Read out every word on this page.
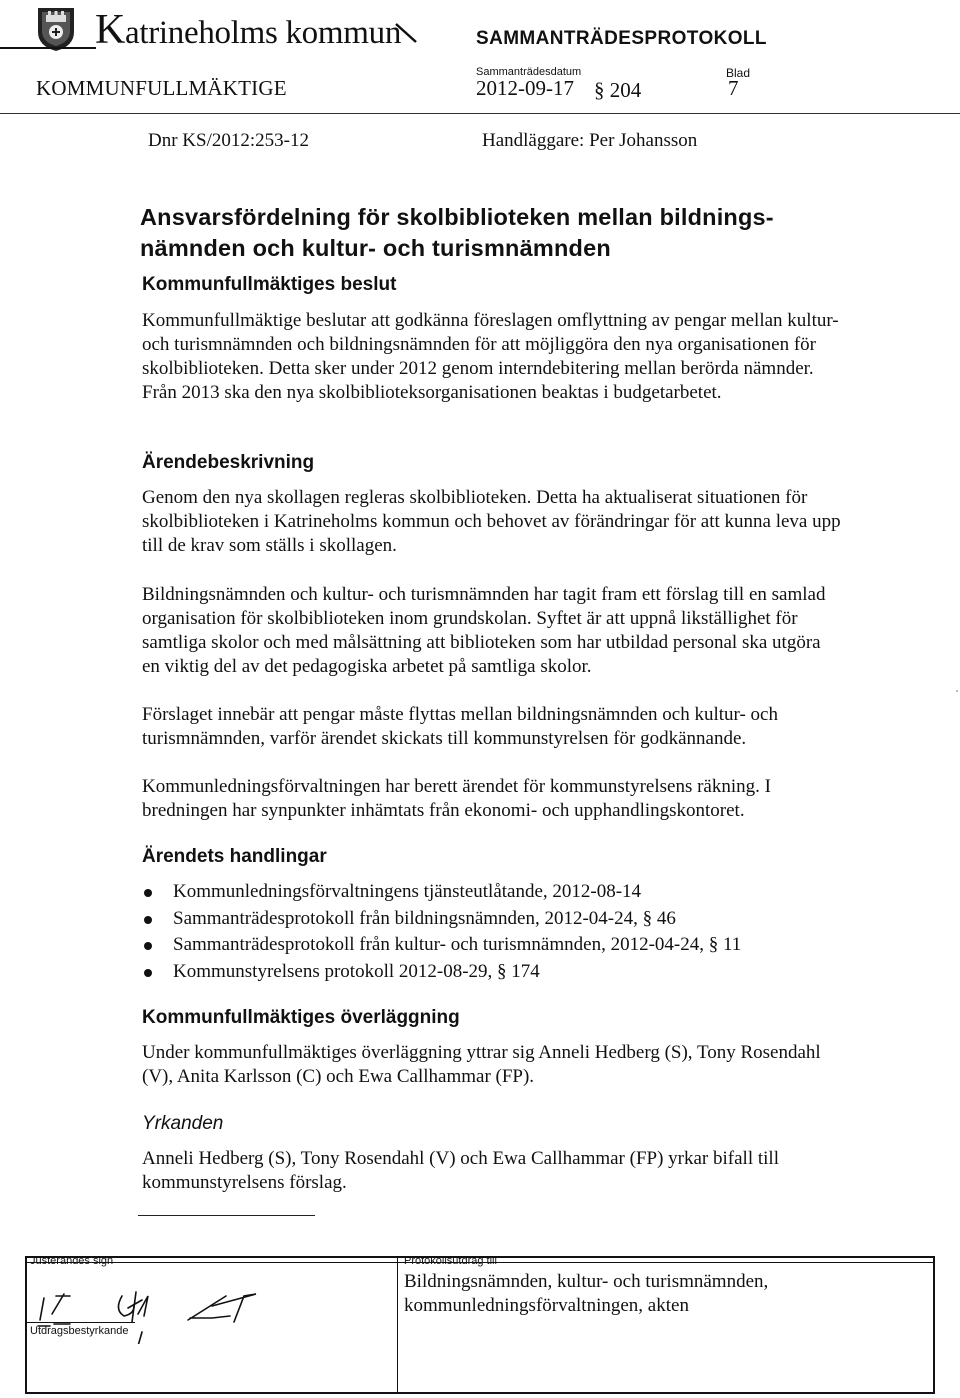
Katrineholms kommun	SAMMANTRÄDESPROTOKOLL
Sammanträdesdatum	Blad
KOMMUNFULLMÄKTIGE	2012-09-17 § 204	7
Dnr KS/2012:253-12	Handläggare: Per Johansson
Ansvarsfördelning för skolbiblioteken mellan bildnings-nämnden och kultur- och turismnämnden
Kommunfullmäktiges beslut
Kommunfullmäktige beslutar att godkänna föreslagen omflyttning av pengar mellan kultur- och turismnämnden och bildningsnämnden för att möjliggöra den nya organisationen för skolbiblioteken. Detta sker under 2012 genom interndebitering mellan berörda nämnder. Från 2013 ska den nya skolbiblioteksorganisationen beaktas i budgetarbetet.
Ärendebeskrivning
Genom den nya skollagen regleras skolbiblioteken. Detta ha aktualiserat situationen för skolbiblioteken i Katrineholms kommun och behovet av förändringar för att kunna leva upp till de krav som ställs i skollagen.
Bildningsnämnden och kultur- och turismnämnden har tagit fram ett förslag till en samlad organisation för skolbiblioteken inom grundskolan. Syftet är att uppnå likställighet för samtliga skolor och med målsättning att biblioteken som har utbildad personal ska utgöra en viktig del av det pedagogiska arbetet på samtliga skolor.
Förslaget innebär att pengar måste flyttas mellan bildningsnämnden och kultur- och turismnämnden, varför ärendet skickats till kommunstyrelsen för godkännande.
Kommunledningsförvaltningen har berett ärendet för kommunstyrelsens räkning. I bredningen har synpunkter inhämtats från ekonomi- och upphandlingskontoret.
Ärendets handlingar
Kommunledningsförvaltningens tjänsteutlåtande, 2012-08-14
Sammanträdesprotokoll från bildningsnämnden, 2012-04-24, § 46
Sammanträdesprotokoll från kultur- och turismnämnden, 2012-04-24, § 11
Kommunstyrelsens protokoll 2012-08-29, § 174
Kommunfullmäktiges överläggning
Under kommunfullmäktiges överläggning yttrar sig Anneli Hedberg (S), Tony Rosendahl (V), Anita Karlsson (C) och Ewa Callhammar (FP).
Yrkanden
Anneli Hedberg (S), Tony Rosendahl (V) och Ewa Callhammar (FP) yrkar bifall till kommunstyrelsens förslag.
Justerandes sign
Utdragsbestyrkande
Protokollsutdrag till
Bildningsnämnden, kultur- och turismnämnden, kommunledningsförvaltningen, akten
